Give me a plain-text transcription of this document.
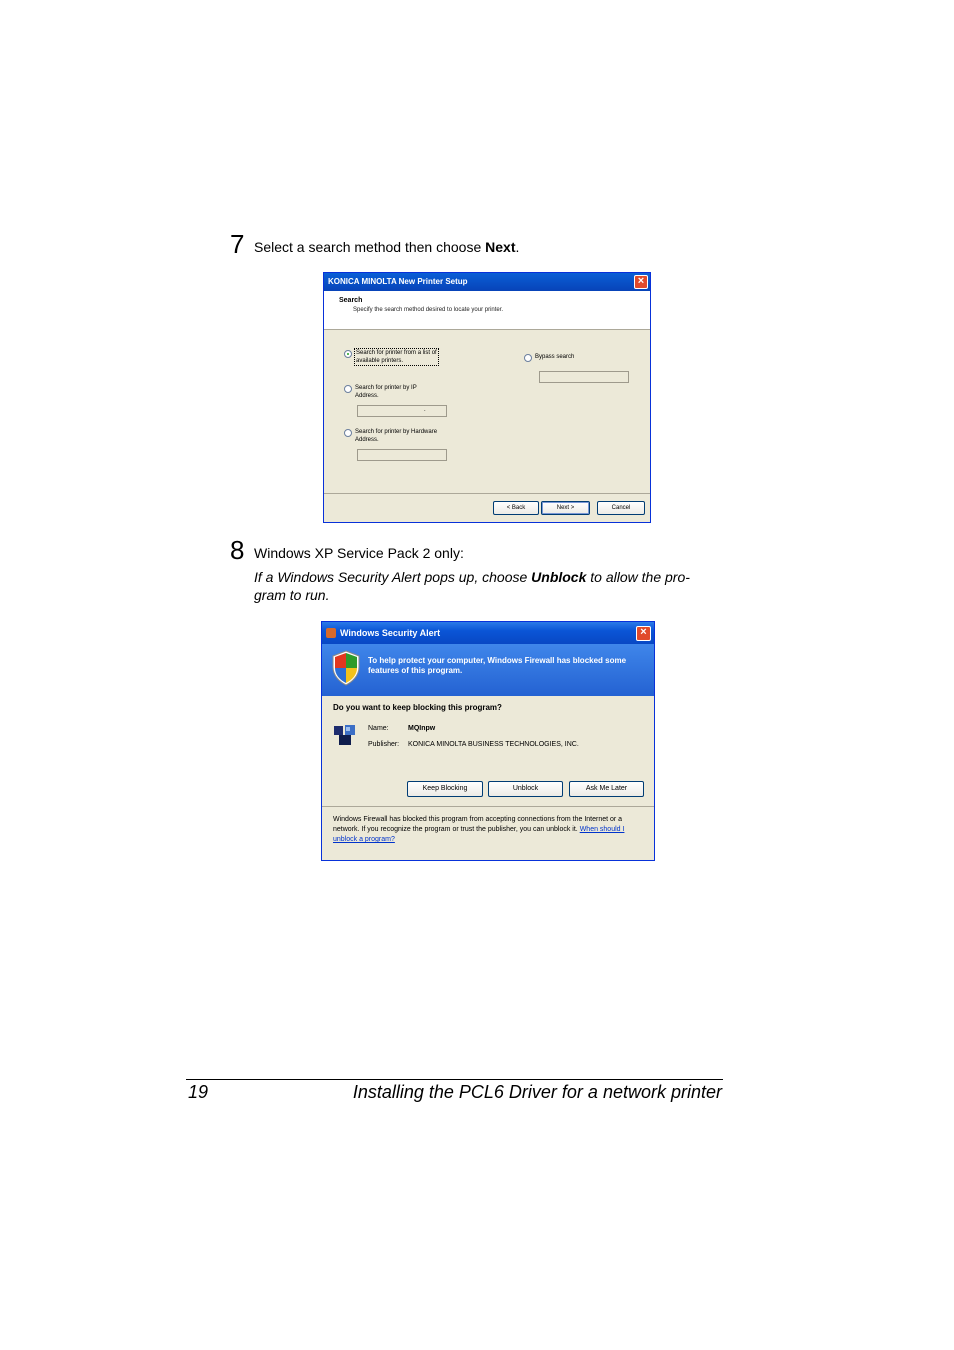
7 Select a search method then choose Next.
KONICA MINOLTA New Printer Setup	×
Search
Specify the search method desired to locate your printer.
Search for printer from a list of
available printers.
Search for printer by IP
Address.
.
Search for printer by Hardware
Address.
Bypass search
< Back	Next >	Cancel
8 Windows XP Service Pack 2 only:
If a Windows Security Alert pops up, choose Unblock to allow the pro-gram to run.
Windows Security Alert	×
To help protect your computer, Windows Firewall has blocked some features of this program.
Do you want to keep blocking this program?
Name:	MQInpw
Publisher: KONICA MINOLTA BUSINESS TECHNOLOGIES, INC.
Keep Blocking	Unblock	Ask Me Later
Windows Firewall has blocked this program from accepting connections from the Internet or a network. If you recognize the program or trust the publisher, you can unblock it. When should I unblock a program?
19	Installing the PCL6 Driver for a network printer
